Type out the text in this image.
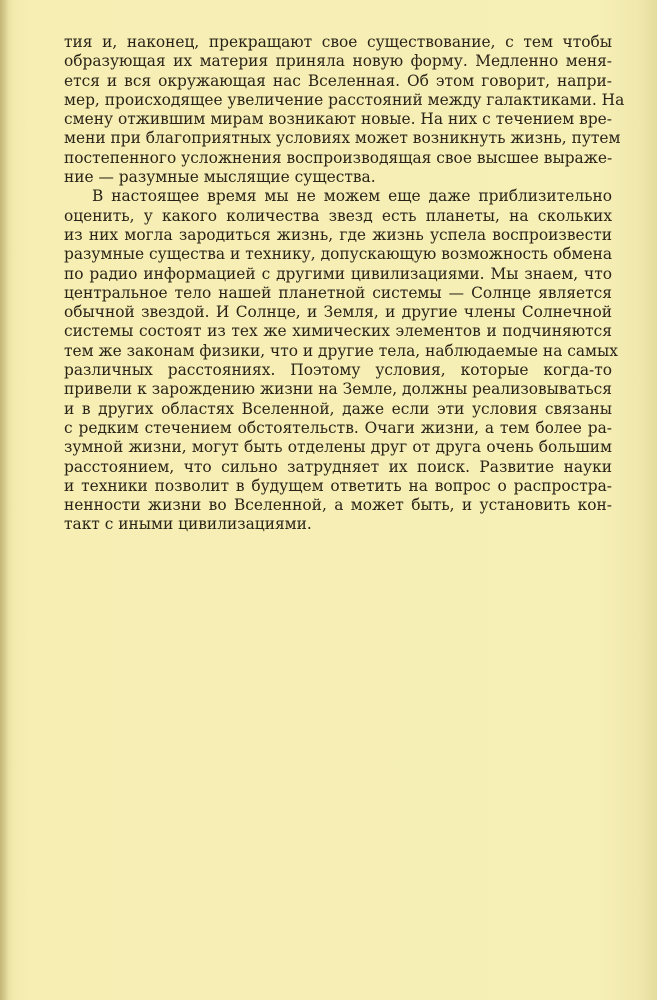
тия и, наконец, прекращают свое существование, с тем чтобы
образующая их материя приняла новую форму. Медленно меня-
ется и вся окружающая нас Вселенная. Об этом говорит, напри-
мер, происходящее увеличение расстояний между галактиками. На
смену отжившим мирам возникают новые. На них с течением вре-
мени при благоприятных условиях может возникнуть жизнь, путем
постепенного усложнения воспроизводящая свое высшее выраже-
ние — разумные мыслящие существа.
В настоящее время мы не можем еще даже приблизительно
оценить, у какого количества звезд есть планеты, на скольких
из них могла зародиться жизнь, где жизнь успела воспроизвести
разумные существа и технику, допускающую возможность обмена
по радио информацией с другими цивилизациями. Мы знаем, что
центральное тело нашей планетной системы — Солнце является
обычной звездой. И Солнце, и Земля, и другие члены Солнечной
системы состоят из тех же химических элементов и подчиняются
тем же законам физики, что и другие тела, наблюдаемые на самых
различных расстояниях. Поэтому условия, которые когда-то
привели к зарождению жизни на Земле, должны реализовываться
и в других областях Вселенной, даже если эти условия связаны
с редким стечением обстоятельств. Очаги жизни, а тем более ра-
зумной жизни, могут быть отделены друг от друга очень большим
расстоянием, что сильно затрудняет их поиск. Развитие науки
и техники позволит в будущем ответить на вопрос о распростра-
ненности жизни во Вселенной, а может быть, и установить кон-
такт с иными цивилизациями.
